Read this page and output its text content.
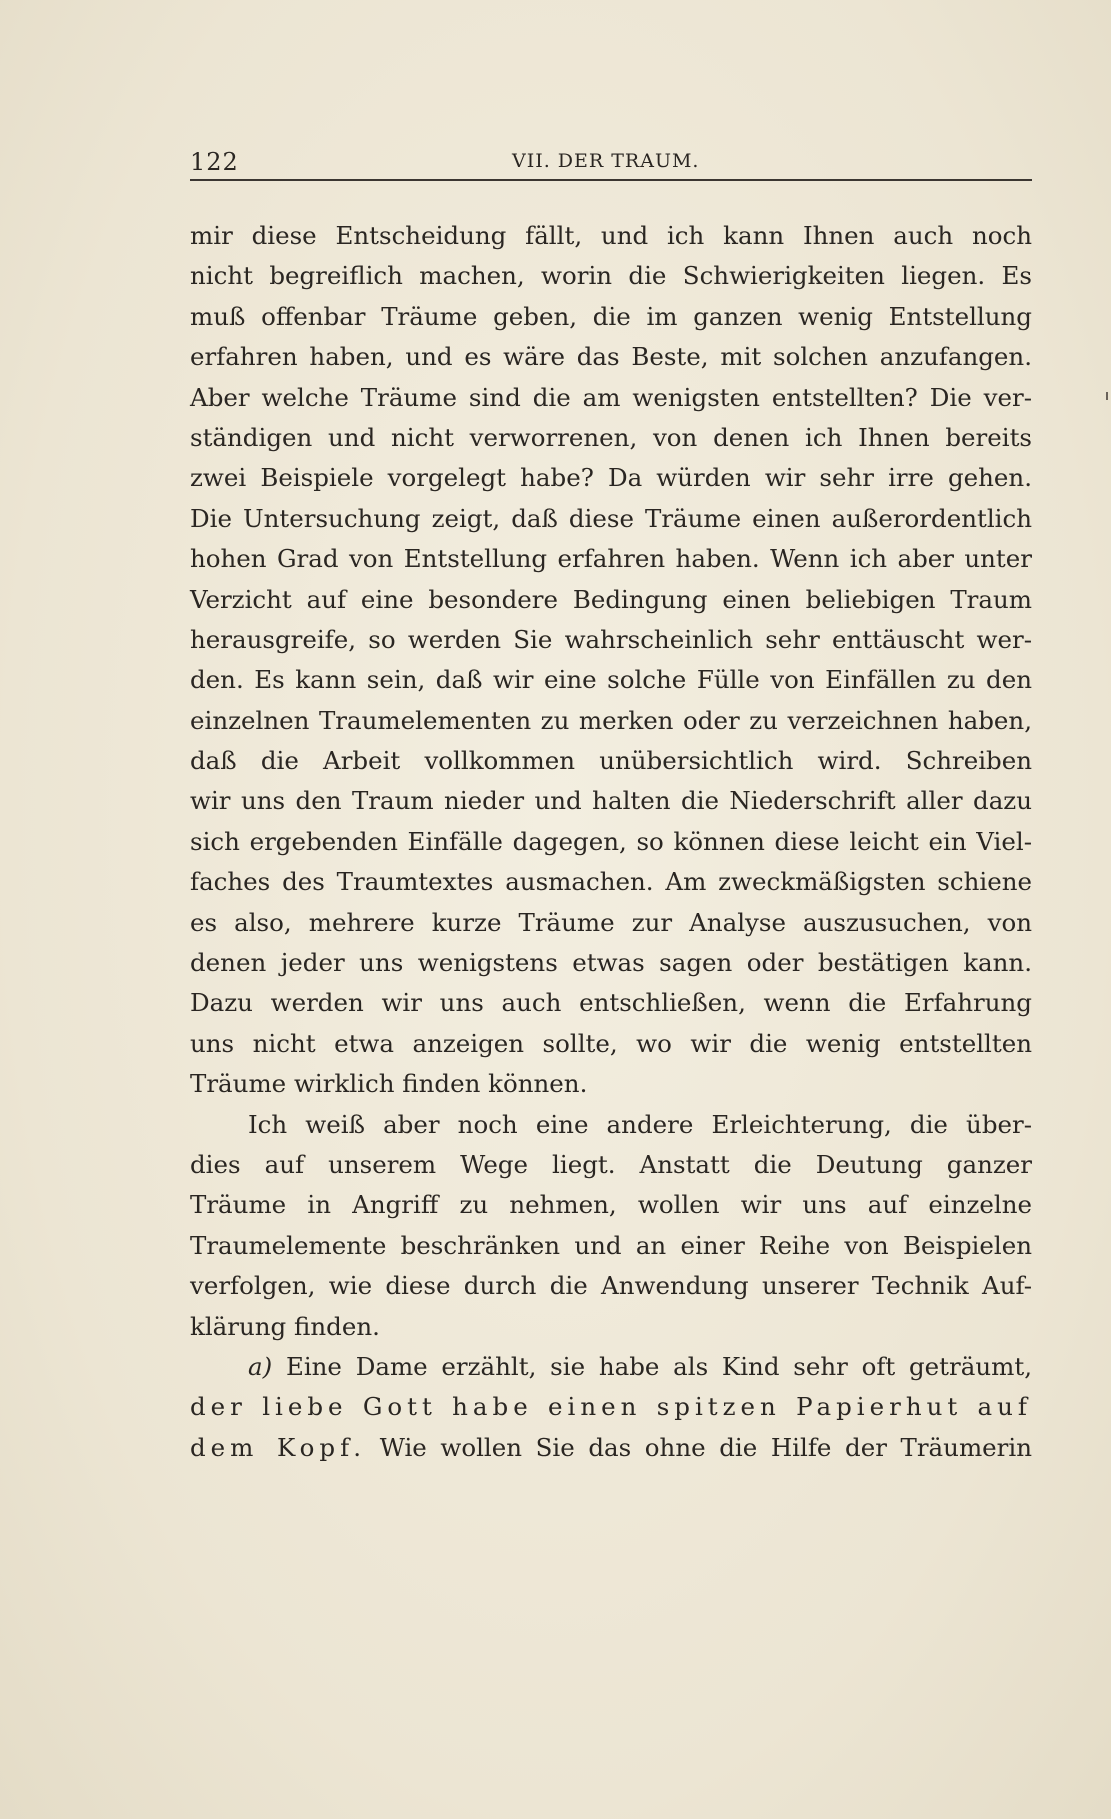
122	VII. DER TRAUM.
mir diese Entscheidung fällt, und ich kann Ihnen auch noch
nicht begreiflich machen, worin die Schwierigkeiten liegen. Es
muß offenbar Träume geben, die im ganzen wenig Entstellung
erfahren haben, und es wäre das Beste, mit solchen anzufangen.
Aber welche Träume sind die am wenigsten entstellten? Die ver-
ständigen und nicht verworrenen, von denen ich Ihnen bereits
zwei Beispiele vorgelegt habe? Da würden wir sehr irre gehen.
Die Untersuchung zeigt, daß diese Träume einen außerordentlich
hohen Grad von Entstellung erfahren haben. Wenn ich aber unter
Verzicht auf eine besondere Bedingung einen beliebigen Traum
herausgreife, so werden Sie wahrscheinlich sehr enttäuscht wer-
den. Es kann sein, daß wir eine solche Fülle von Einfällen zu den
einzelnen Traumelementen zu merken oder zu verzeichnen haben,
daß die Arbeit vollkommen unübersichtlich wird. Schreiben
wir uns den Traum nieder und halten die Niederschrift aller dazu
sich ergebenden Einfälle dagegen, so können diese leicht ein Viel-
faches des Traumtextes ausmachen. Am zweckmäßigsten schiene
es also, mehrere kurze Träume zur Analyse auszusuchen, von
denen jeder uns wenigstens etwas sagen oder bestätigen kann.
Dazu werden wir uns auch entschließen, wenn die Erfahrung
uns nicht etwa anzeigen sollte, wo wir die wenig entstellten
Träume wirklich finden können.
Ich weiß aber noch eine andere Erleichterung, die über-
dies auf unserem Wege liegt. Anstatt die Deutung ganzer
Träume in Angriff zu nehmen, wollen wir uns auf einzelne
Traumelemente beschränken und an einer Reihe von Beispielen
verfolgen, wie diese durch die Anwendung unserer Technik Auf-
klärung finden.
a) Eine Dame erzählt, sie habe als Kind sehr oft geträumt,
der liebe Gott habe einen spitzen Papierhut auf
dem Kopf. Wie wollen Sie das ohne die Hilfe der Träumerin
